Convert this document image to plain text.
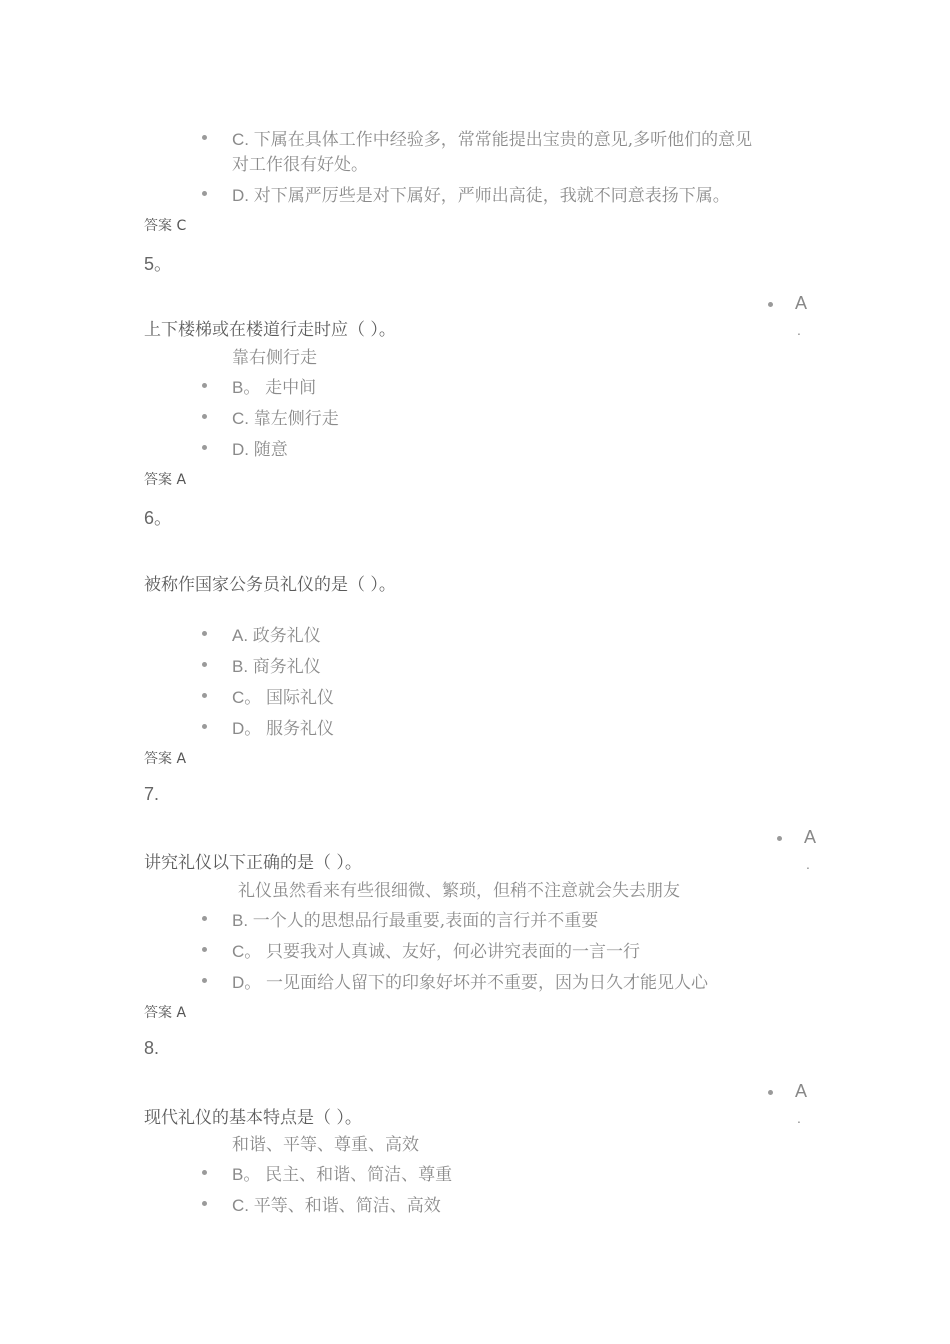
C. 下属在具体工作中经验多，常常能提出宝贵的意见,多听他们的意见
对工作很有好处。
D. 对下属严厉些是对下属好，严师出高徒，我就不同意表扬下属。
答案 C
5。
A
.
上下楼梯或在楼道行走时应（ ）。
靠右侧行走
B。 走中间
C. 靠左侧行走
D. 随意
答案 A
6。
被称作国家公务员礼仪的是（ ）。
A. 政务礼仪
B. 商务礼仪
C。 国际礼仪
D。 服务礼仪
答案 A
7.
A
.
讲究礼仪以下正确的是（ ）。
礼仪虽然看来有些很细微、繁琐，但稍不注意就会失去朋友
B. 一个人的思想品行最重要,表面的言行并不重要
C。 只要我对人真诚、友好，何必讲究表面的一言一行
D。 一见面给人留下的印象好坏并不重要，因为日久才能见人心
答案 A
8.
A
.
现代礼仪的基本特点是（ ）。
和谐、平等、尊重、高效
B。 民主、和谐、简洁、尊重
C. 平等、和谐、简洁、高效
